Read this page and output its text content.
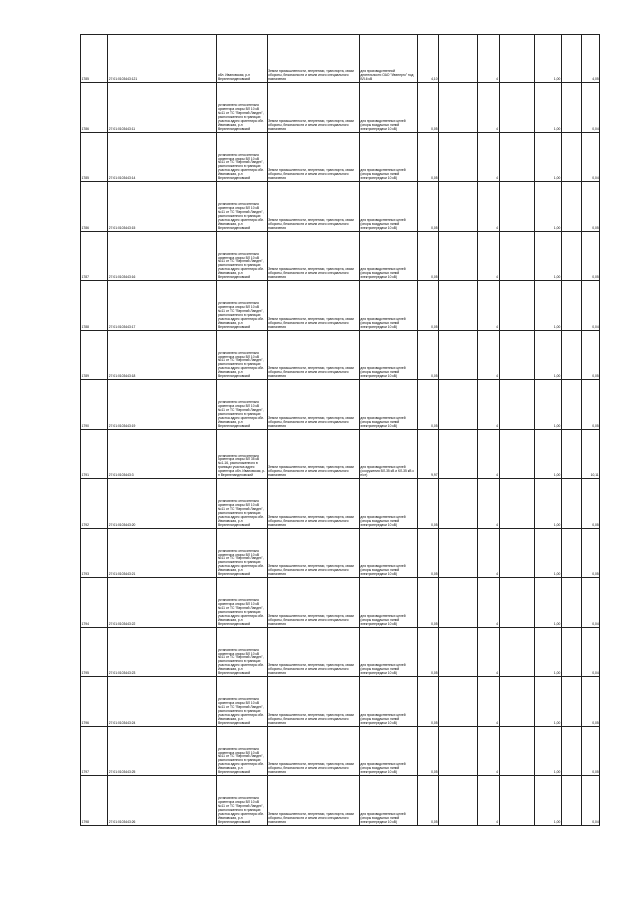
1785	27:01:0103443:121	обл. Ивановская, р-н Верхнеландеховский	Земли промышленности, энергетики, транспорта, связи обороны, безопасности и земли иного специального назначения	для производственной деятельности ОАО "Ивэнерго" под ВЛ-6 кВ	4,10		4		1,00		4,05
1786	27:01:0103443:11	установлено относительно ориентира опоры ВЛ 10 кВ №11 от ТС "Верхний Ландех", расположенного в границах участка адрес ориентира обл. Ивановская, р-н Верхнеландеховский	Земли промышленности, энергетики, транспорта, связи обороны, безопасности и земли иного специального назначения	для производственных целей (опоры воздушных линий электропередачи 10 кВ)	0,05		4		1,00		0,04
1785	27:01:0103443:14	установлено относительно ориентира опоры ВЛ 10 кВ №11 от ТС "Верхний Ландех", расположенного в границах участка адрес ориентира обл. Ивановская, р-н Верхнеландеховский	Земли промышленности, энергетики, транспорта, связи обороны, безопасности и земли иного специального назначения	для производственных целей (опоры воздушных линий электропередачи 10 кВ)	0,05		4		1,00		0,04
1786	27:01:0103443:15	установлено относительно ориентира опоры ВЛ 10 кВ №11 от ТС "Верхний Ландех", расположенного в границах участка адрес ориентира обл. Ивановская, р-н Верхнеландеховский	Земли промышленности, энергетики, транспорта, связи обороны, безопасности и земли иного специального назначения	для производственных целей (опоры воздушных линий электропередачи 10 кВ)	0,05		4		1,00		0,05
1787	27:01:0103443:16	установлено относительно ориентира опоры ВЛ 10 кВ №11 от ТС "Верхний Ландех", расположенного в границах участка адрес ориентира обл. Ивановская, р-н Верхнеландеховский	Земли промышленности, энергетики, транспорта, связи обороны, безопасности и земли иного специального назначения	для производственных целей (опоры воздушных линий электропередачи 10 кВ)	0,05		4		1,00		0,05
1788	27:01:0103443:17	установлено относительно ориентира опоры ВЛ 10 кВ №11 от ТС "Верхний Ландех", расположенного в границах участка адрес ориентира обл. Ивановская, р-н Верхнеландеховский	Земли промышленности, энергетики, транспорта, связи обороны, безопасности и земли иного специального назначения	для производственных целей (опоры воздушных линий электропередачи 10 кВ)	0,05		4		1,00		0,04
1789	27:01:0103443:18	установлено относительно ориентира опоры ВЛ 10 кВ №11 от ТС "Верхний Ландех", расположенного в границах участка адрес ориентира обл. Ивановская, р-н Верхнеландеховский	Земли промышленности, энергетики, транспорта, связи обороны, безопасности и земли иного специального назначения	для производственных целей (опоры воздушных линий электропередачи 10 кВ)	0,05		4		1,00		0,05
1790	27:01:0103443:19	установлено относительно ориентира опоры ВЛ 10 кВ №11 от ТС "Верхний Ландех", расположенного в границах участка адрес ориентира обл. Ивановская, р-н Верхнеландеховский	Земли промышленности, энергетики, транспорта, связи обороны, безопасности и земли иного специального назначения	для производственных целей (опоры воздушных линий электропередачи 10 кВ)	0,05		4		1,00		0,05
1791	27:01:0103443:3	установлено относительно ориентира опоры ВЛ 35 кВ №1-16, расположенного в границах участка адрес ориентира обл. Ивановская, р-н Верхнеландеховский	Земли промышленности, энергетики, транспорта, связи обороны, безопасности и земли иного специального назначения	для производственных целей (сооружения ВЛ-35 кВ и КЛ-35 кВ с н/ст)	9,97		4		1,00		10,11
1792	27:01:0103443:20	установлено относительно ориентира опоры ВЛ 10 кВ №11 от ТС "Верхний Ландех", расположенного в границах участка адрес ориентира обл. Ивановская, р-н Верхнеландеховский	Земли промышленности, энергетики, транспорта, связи обороны, безопасности и земли иного специального назначения	для производственных целей (опоры воздушных линий электропередачи 10 кВ)	0,05		4		1,00		0,05
1793	27:01:0103443:21	установлено относительно ориентира опоры ВЛ 10 кВ №11 от ТС "Верхний Ландех", расположенного в границах участка адрес ориентира обл. Ивановская, р-н Верхнеландеховский	Земли промышленности, энергетики, транспорта, связи обороны, безопасности и земли иного специального назначения	для производственных целей (опоры воздушных линий электропередачи 10 кВ)	0,05		4		1,00		0,05
1794	27:01:0103443:22	установлено относительно ориентира опоры ВЛ 10 кВ №11 от ТС "Верхний Ландех", расположенного в границах участка адрес ориентира обл. Ивановская, р-н Верхнеландеховский	Земли промышленности, энергетики, транспорта, связи обороны, безопасности и земли иного специального назначения	для производственных целей (опоры воздушных линий электропередачи 10 кВ)	0,05		4		1,00		0,04
1795	27:01:0103443:23	установлено относительно ориентира опоры ВЛ 10 кВ №11 от ТС "Верхний Ландех", расположенного в границах участка адрес ориентира обл. Ивановская, р-н Верхнеландеховский	Земли промышленности, энергетики, транспорта, связи обороны, безопасности и земли иного специального назначения	для производственных целей (опоры воздушных линий электропередачи 10 кВ)	0,05		4		1,00		0,04
1796	27:01:0103443:24	установлено относительно ориентира опоры ВЛ 10 кВ №11 от ТС "Верхний Ландех", расположенного в границах участка адрес ориентира обл. Ивановская, р-н Верхнеландеховский	Земли промышленности, энергетики, транспорта, связи обороны, безопасности и земли иного специального назначения	для производственных целей (опоры воздушных линий электропередачи 10 кВ)	0,05		4		1,00		0,05
1797	27:01:0103443:25	установлено относительно ориентира опоры ВЛ 10 кВ №11 от ТС "Верхний Ландех", расположенного в границах участка адрес ориентира обл. Ивановская, р-н Верхнеландеховский	Земли промышленности, энергетики, транспорта, связи обороны, безопасности и земли иного специального назначения	для производственных целей (опоры воздушных линий электропередачи 10 кВ)	0,05		4		1,00		0,05
1798	27:01:0103443:26	установлено относительно ориентира опоры ВЛ 10 кВ №11 от ТС "Верхний Ландех", расположенного в границах участка адрес ориентира обл. Ивановская, р-н Верхнеландеховский	Земли промышленности, энергетики, транспорта, связи обороны, безопасности и земли иного специального назначения	для производственных целей (опоры воздушных линий электропередачи 10 кВ)	0,05		4		1,00		0,04
